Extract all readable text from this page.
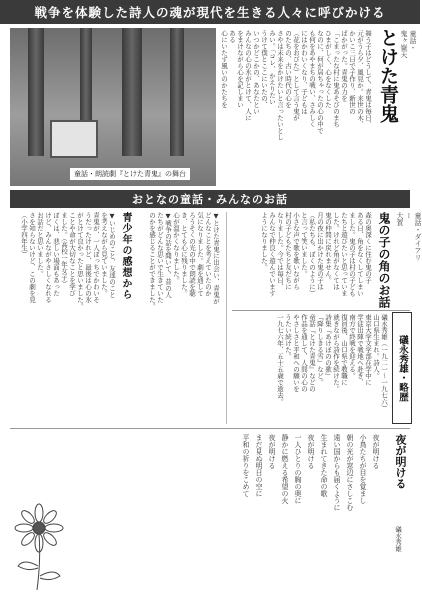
戦争を体験した詩人の魂が現代を生きる人々に呼びかける
童話・朗読劇『とけた青鬼』の舞台
童話・
鬼ヶ嶽天
とけた青鬼
舞う子はどうして、青鬼は毎日、
元がうら夕、風見か。来世の木、
かいこ三日で子作り、新世の
ぱかがった。青鬼の力を
「こまったな村に鬼あそびのまち
ひまがしく、心をなくした
なのに、何が居ちゃったの心の中で
も何をあやまちの戦い、さみしく
にはかわいくなり、子どもは
（花をおびた）として言う鬼が
のたちの、古い時代の心を
さやは未来をかけたいと言ったいとし
みい。「コレ、かえりたい
うけて僕とここにいたの、
いつかどこかの、あなたとい
みんなの心の氷がとけて、人に
をまけながら心を記しまい
ある
心にいたず風いのかたちを
おとなの童話・みんなのお話
青少年の感想から
▼いじめのこと、友達のこと
を考えながら見ていました。
青鬼が、一人ぼっちでかわいそ
うだったけれど、最後は心の氷
がとけて良かったと思いました。
ことや命が大切なことを学び
ました。（高校一年女子）
ぼくは、悲しい場面もあった
けど、みんながやさしくなれる
お話だと思いました。
さを知らないけど、この劇を見
（小学四年生）	▼とけた青鬼に出会い、青鬼が
どんなことを考えていたのか
気になりました。劇を通して
ろうそくの光の中で朗読を聴
き、とても心に残りました。
心が温かくなりました。
▼戦争の話を聞いて、昔の人
たちがどんな思いで生きていた
のかを感じることができました。	童話・ダイアリー
大賀
鬼の子の角のお話
森の奥深くに住む鬼の子
ある日、角をなくしてしまい
ました。鬼の子は村の子ども
たちと遊びたいと思っていま
した。けれど角がなくては
鬼の仲間に戻れません。
月の夜に出かけた鬼の子は
（私たちも、ぼくのように）
と言って笑いました。
小さな声で歌を歌いながら
村の子どもたちと友だちに
なりました。今では毎日、
みんなで仲良く遊んでいます
ようになりました。
礒永秀雄・略歴
礒永秀雄（一九二一〜一九七六）
山口県生まれ。詩人。
東京大学文学部在学中に
学徒出陣で戦地へ赴き、
南方で終戦を迎える。
復員後、山口県で教職に
就きながら詩作を続けた。
詩集『あけぼのの歌』
『降りしきる雪』など。
童話『とけた青鬼』などの
作品を通して、人間の心の
やさしさと平和への願いを
うたい続けた。
一九七六年、五十五歳で逝去。
夜が明ける
礒永秀雄
夜が明ける
小鳥たちが目を覚まし
朝の光が窓辺にさしこむ
遠い国からも届くように
生まれてきた命の歌
夜が明ける
一人ひとりの胸の奥に
静かに燃える希望の火
夜が明ける
まだ見ぬ明日の空に
平和の祈りをこめて
